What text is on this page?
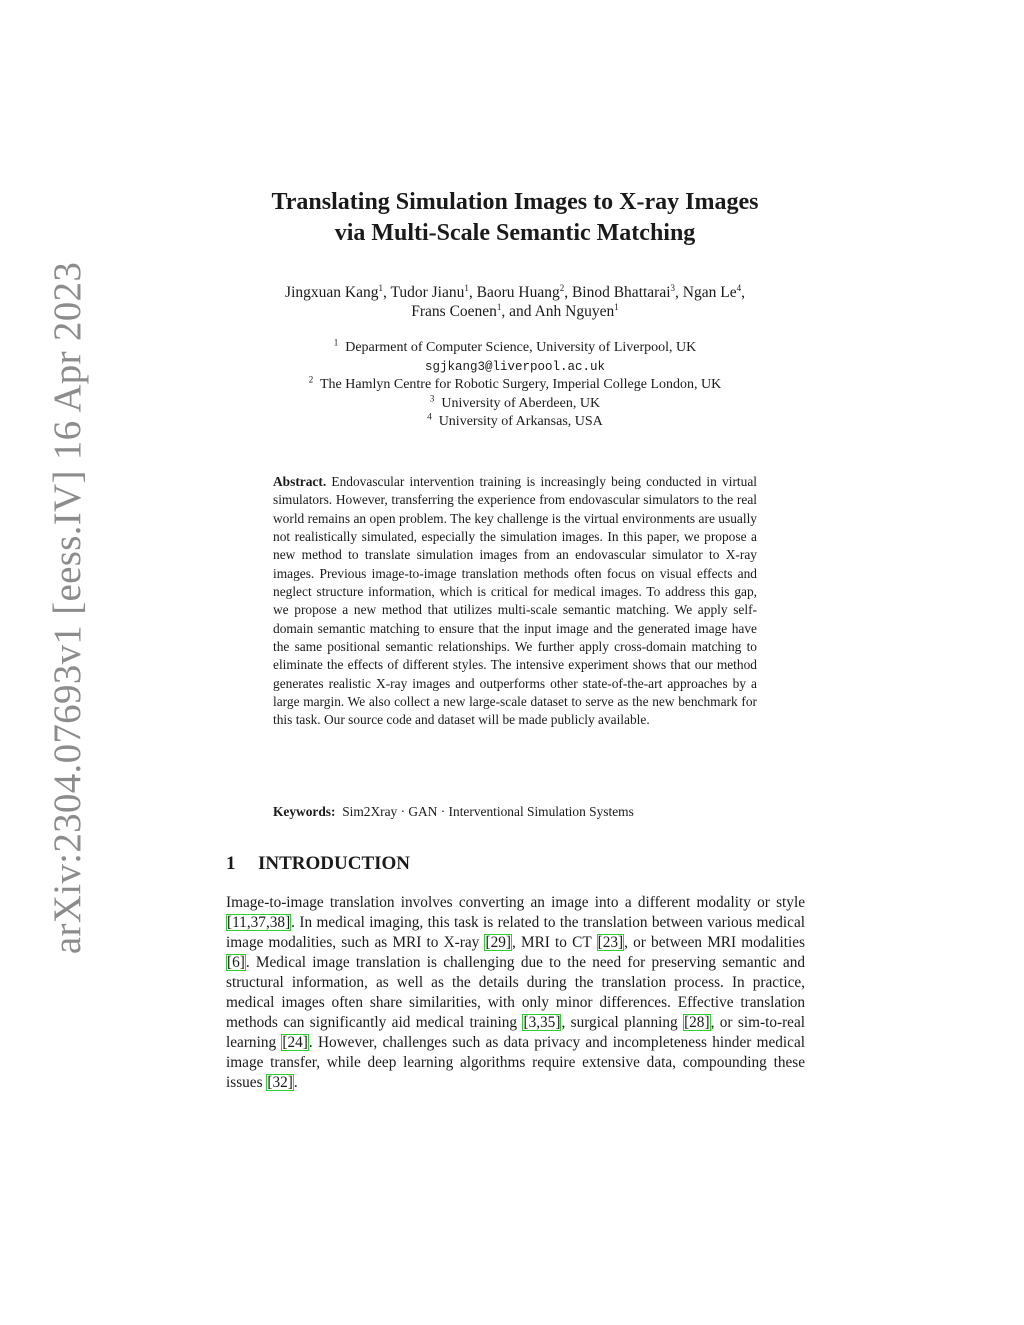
arXiv:2304.07693v1 [eess.IV] 16 Apr 2023
Translating Simulation Images to X-ray Images
via Multi-Scale Semantic Matching
Jingxuan Kang$^1$, Tudor Jianu$^1$, Baoru Huang$^2$, Binod Bhattarai$^3$, Ngan Le$^4$,
Frans Coenen$^1$, and Anh Nguyen$^1$
$^1$ Deparment of Computer Science, University of Liverpool, UK
sgjkang3@liverpool.ac.uk
$^2$ The Hamlyn Centre for Robotic Surgery, Imperial College London, UK
$^3$ University of Aberdeen, UK
$^4$ University of Arkansas, USA
Abstract. Endovascular intervention training is increasingly being conducted in virtual simulators. However, transferring the experience from endovascular simulators to the real world remains an open problem. The key challenge is the virtual environments are usually not realistically simulated, especially the simulation images. In this paper, we propose a new method to translate simulation images from an endovascular simulator to X-ray images. Previous image-to-image translation methods often focus on visual effects and neglect structure information, which is critical for medical images. To address this gap, we propose a new method that utilizes multi-scale semantic matching. We apply self-domain semantic matching to ensure that the input image and the generated image have the same positional semantic relationships. We further apply cross-domain matching to eliminate the effects of different styles. The intensive experiment shows that our method generates realistic X-ray images and outperforms other state-of-the-art approaches by a large margin. We also collect a new large-scale dataset to serve as the new benchmark for this task. Our source code and dataset will be made publicly available.
Keywords: Sim2Xray · GAN · Interventional Simulation Systems
1 INTRODUCTION
Image-to-image translation involves converting an image into a different modality or style [11,37,38]. In medical imaging, this task is related to the translation between various medical image modalities, such as MRI to X-ray [29], MRI to CT [23], or between MRI modalities [6]. Medical image translation is challenging due to the need for preserving semantic and structural information, as well as the details during the translation process. In practice, medical images often share similarities, with only minor differences. Effective translation methods can significantly aid medical training [3,35], surgical planning [28], or sim-to-real learning [24]. However, challenges such as data privacy and incompleteness hinder medical image transfer, while deep learning algorithms require extensive data, compounding these issues [32].
